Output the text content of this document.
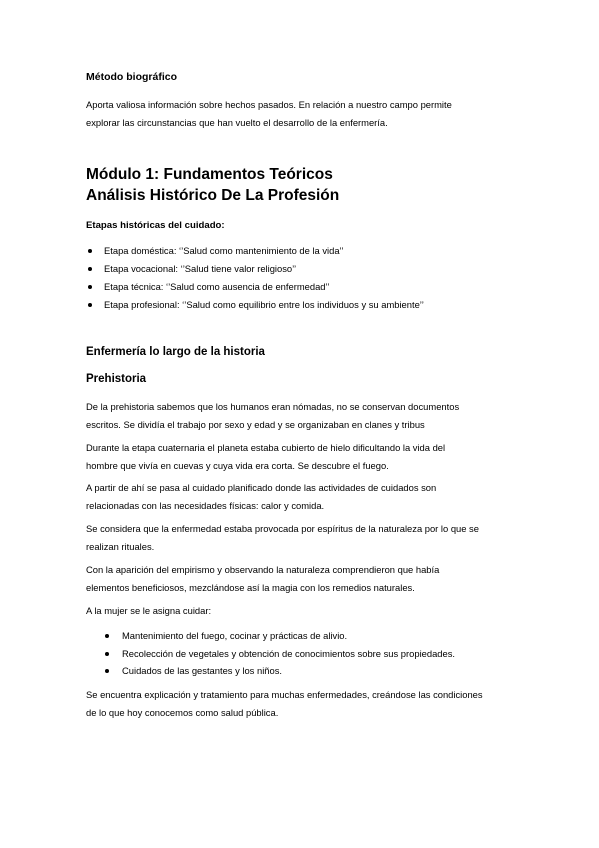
Método biográfico
Aporta valiosa información sobre hechos pasados. En relación a nuestro campo permite
explorar las circunstancias que han vuelto el desarrollo de la enfermería.
Módulo 1: Fundamentos Teóricos
Análisis Histórico De La Profesión
Etapas históricas del cuidado:
Etapa doméstica: ‘’Salud como mantenimiento de la vida’’
Etapa vocacional: ‘’Salud tiene valor religioso’’
Etapa técnica: ‘’Salud como ausencia de enfermedad’’
Etapa profesional: ‘’Salud como equilibrio entre los individuos y su ambiente’’
Enfermería lo largo de la historia
Prehistoria
De la prehistoria sabemos que los humanos eran nómadas, no se conservan documentos
escritos. Se dividía el trabajo por sexo y edad y se organizaban en clanes y tribus
Durante la etapa cuaternaria el planeta estaba cubierto de hielo dificultando la vida del
hombre que vivía en cuevas y cuya vida era corta. Se descubre el fuego.
A partir de ahí se pasa al cuidado planificado donde las actividades de cuidados son
relacionadas con las necesidades físicas: calor y comida.
Se considera que la enfermedad estaba provocada por espíritus de la naturaleza por lo que se
realizan rituales.
Con la aparición del empirismo y observando la naturaleza comprendieron que había
elementos beneficiosos, mezclándose así la magia con los remedios naturales.
A la mujer se le asigna cuidar:
Mantenimiento del fuego, cocinar y prácticas de alivio.
Recolección de vegetales y obtención de conocimientos sobre sus propiedades.
Cuidados de las gestantes y los niños.
Se encuentra explicación y tratamiento para muchas enfermedades, creándose las condiciones
de lo que hoy conocemos como salud pública.
